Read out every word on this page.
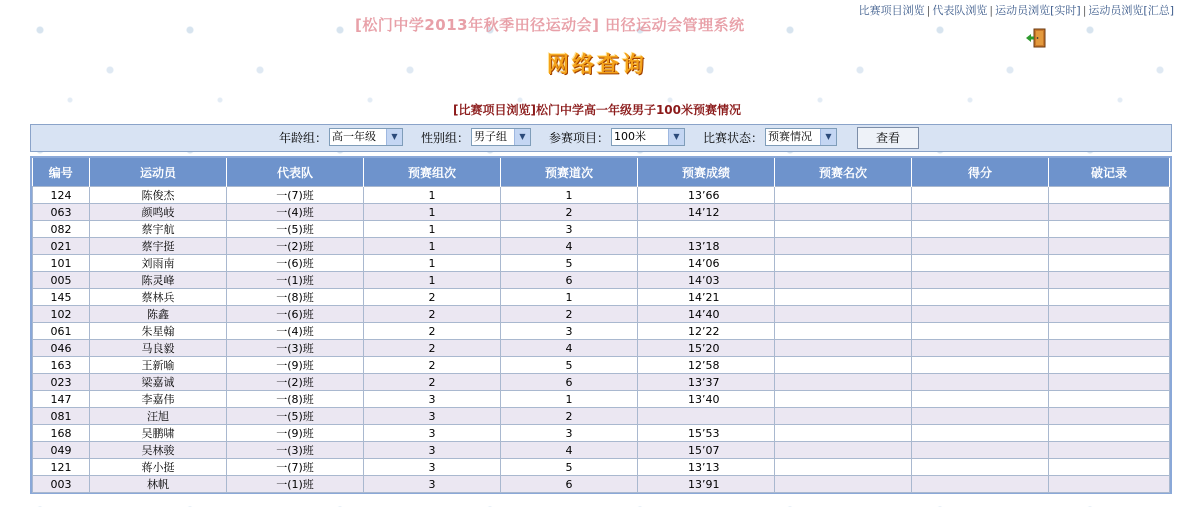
比赛项目浏览 | 代表队浏览 | 运动员浏览[实时] | 运动员浏览[汇总]
[松门中学2013年秋季田径运动会] 田径运动会管理系统
网络查询
[比赛项目浏览]松门中学高一年级男子100米预赛情况
年龄组： 高一年级	▼	性别组： 男子组	▼	参赛项目： 100米	▼	比赛状态： 预赛情况	▼	查看
编号	运动员	代表队	预赛组次	预赛道次	预赛成绩	预赛名次	得分	破记录
124	陈俊杰	一(7)班	1	1	13’66			
063	颜鸣岐	一(4)班	1	2	14’12			
082	蔡宇航	一(5)班	1	3				
021	蔡宇挺	一(2)班	1	4	13’18			
101	刘雨南	一(6)班	1	5	14’06			
005	陈灵峰	一(1)班	1	6	14’03			
145	蔡林兵	一(8)班	2	1	14’21			
102	陈鑫	一(6)班	2	2	14’40			
061	朱星翰	一(4)班	2	3	12’22			
046	马良毅	一(3)班	2	4	15’20			
163	王新喻	一(9)班	2	5	12’58			
023	梁嘉诚	一(2)班	2	6	13’37			
147	李嘉伟	一(8)班	3	1	13’40			
081	汪旭	一(5)班	3	2				
168	吴鹏啸	一(9)班	3	3	15’53			
049	吴林骏	一(3)班	3	4	15’07			
121	蒋小挺	一(7)班	3	5	13’13			
003	林帆	一(1)班	3	6	13’91			
